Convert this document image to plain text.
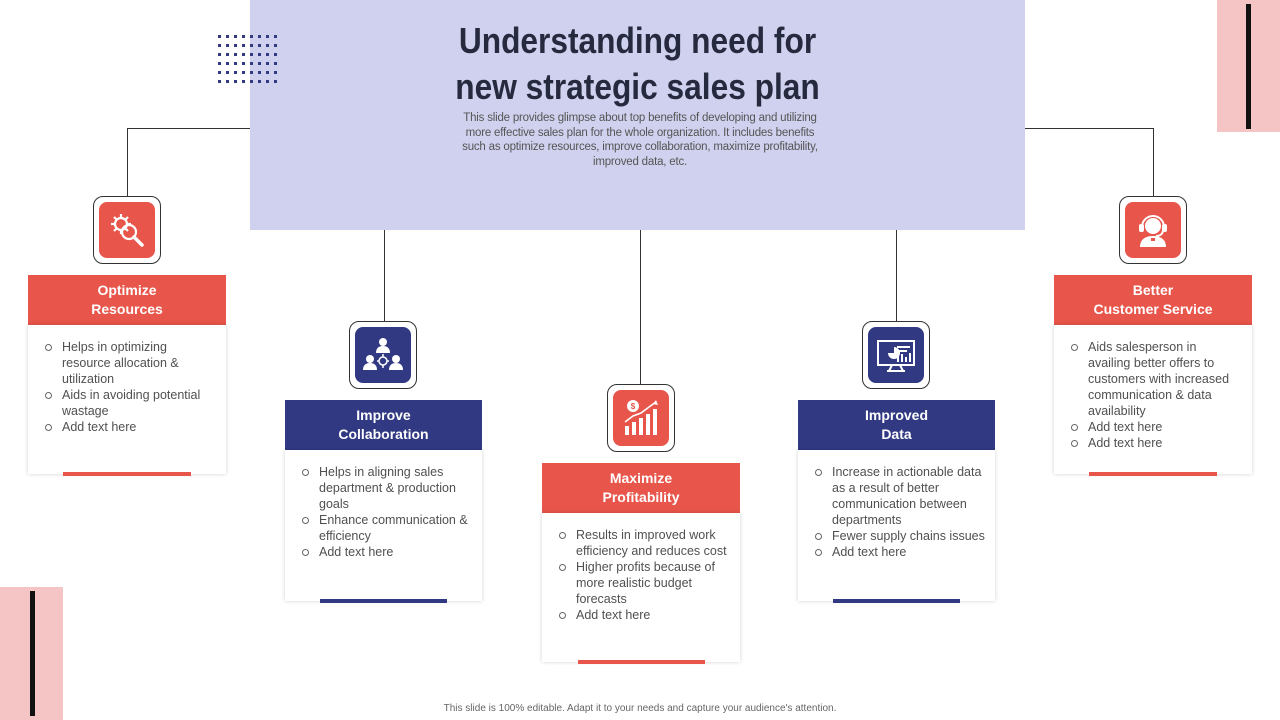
Understanding need for
new strategic sales plan
This slide provides glimpse about top benefits of developing and utilizing more effective sales plan for the whole organization. It includes benefits such as optimize resources, improve collaboration, maximize profitability, improved data, etc.
Optimize
Resources
Helps in optimizing resource allocation & utilization
Aids in avoiding potential wastage
Add text here
Improve
Collaboration
Helps in aligning sales department & production goals
Enhance communication & efficiency
Add text here
$
Maximize
Profitability
Results in improved work efficiency and reduces cost
Higher profits because of more realistic budget forecasts
Add text here
Improved
Data
Increase in actionable data as a result of better communication between departments
Fewer supply chains issues
Add text here
Better
Customer Service
Aids salesperson in availing better offers to customers with increased communication & data availability
Add text here
Add text here
This slide is 100% editable. Adapt it to your needs and capture your audience's attention.
